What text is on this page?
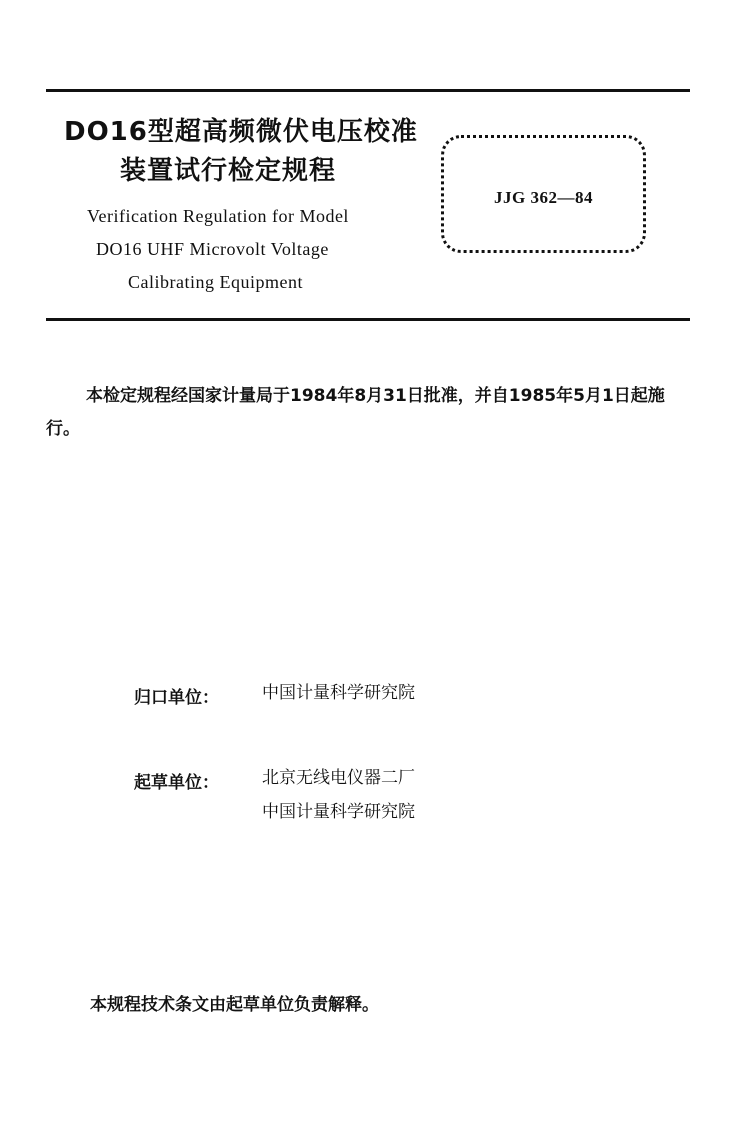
DO16型超高频微伏电压校准
装置试行检定规程
Verification Regulation for Model
DO16 UHF Microvolt Voltage
Calibrating Equipment
JJG 362—84
本检定规程经国家计量局于1984年8月31日批准，并自1985年5月1日起施行。
归口单位：	中国计量科学研究院
起草单位：	北京无线电仪器二厂
中国计量科学研究院
本规程技术条文由起草单位负责解释。
